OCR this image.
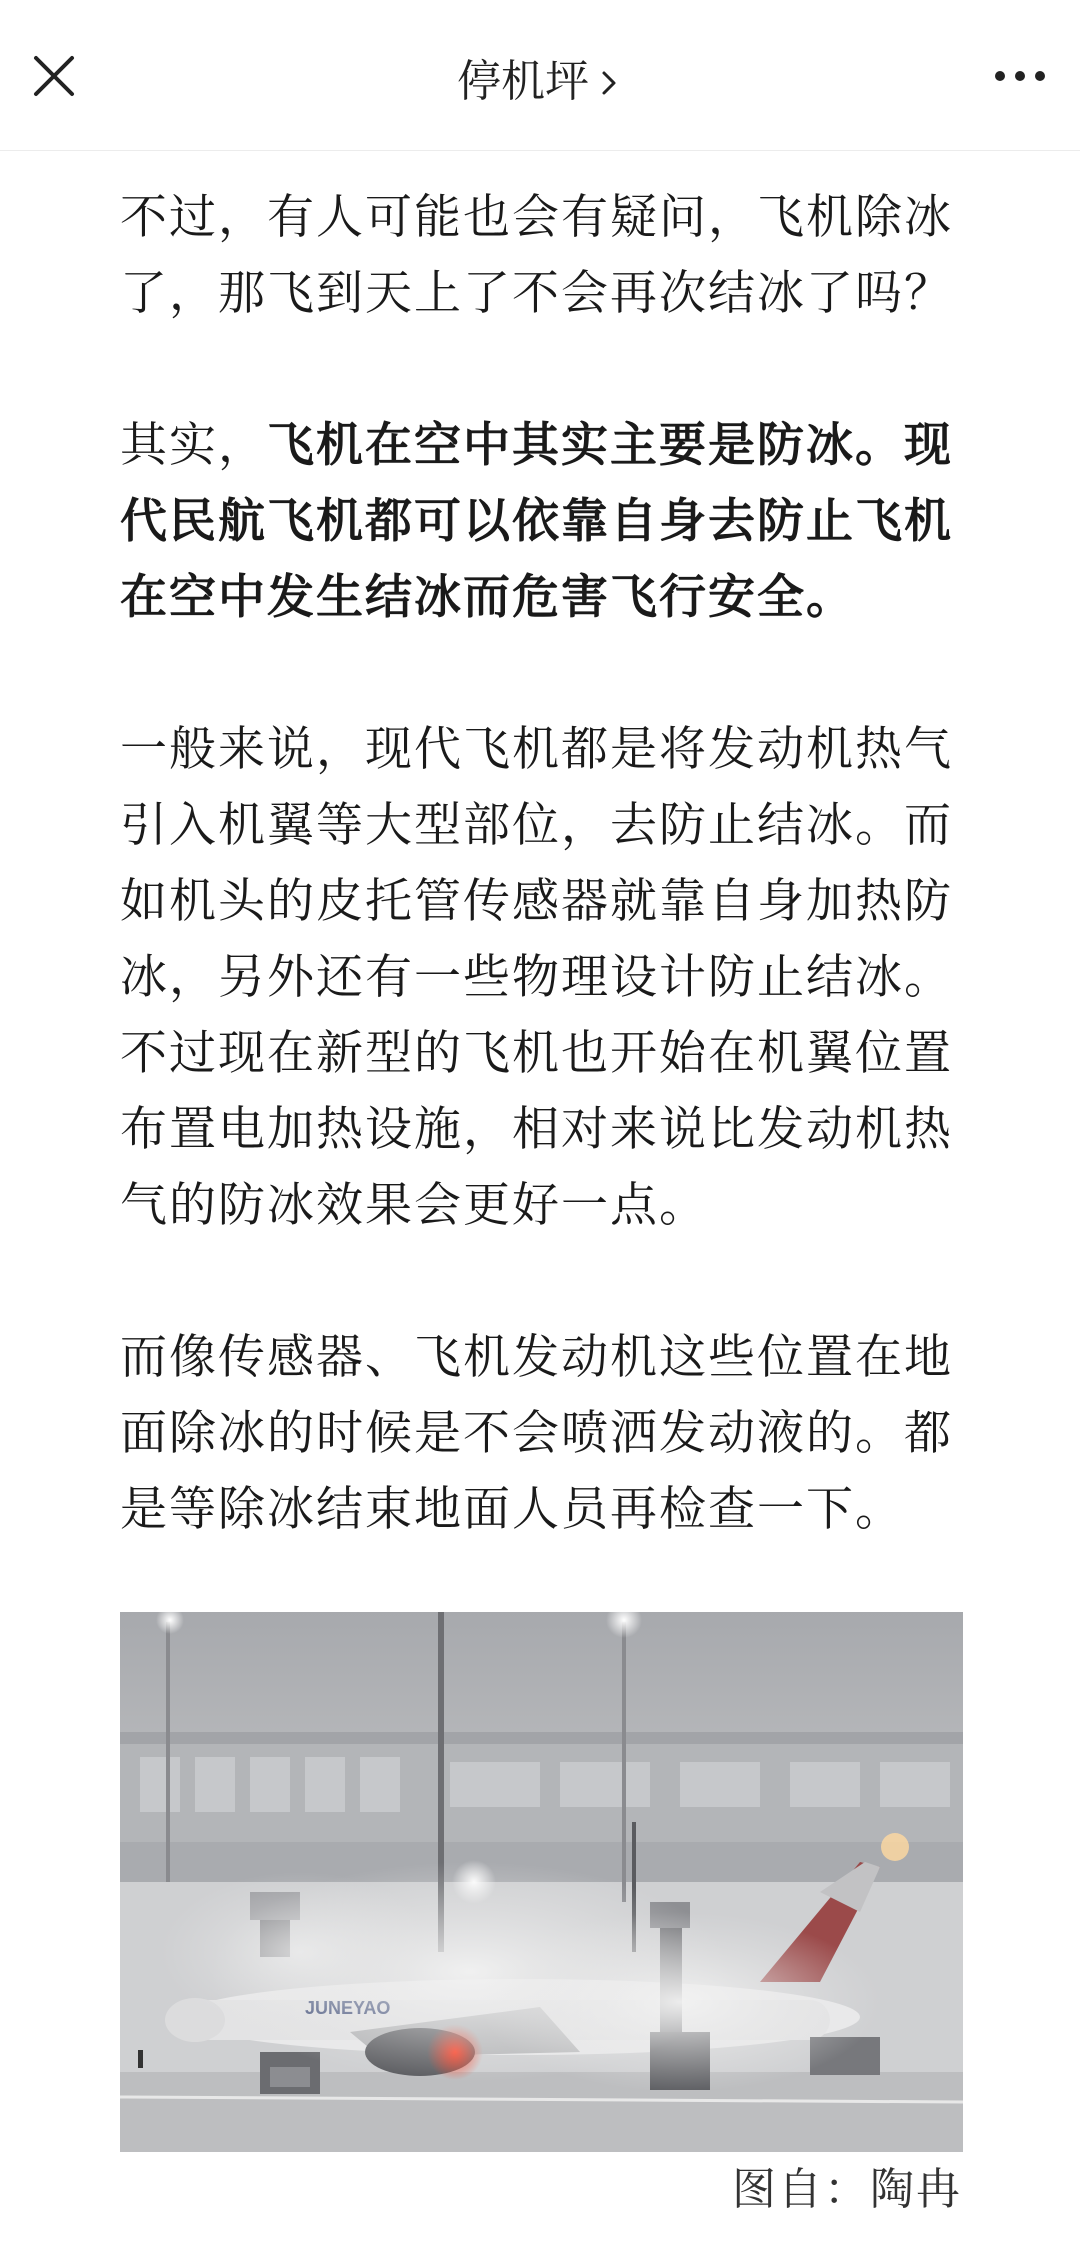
停机坪

不过，有人可能也会有疑问，飞机除冰了，那飞到天上了不会再次结冰了吗？

其实，飞机在空中其实主要是防冰。现代民航飞机都可以依靠自身去防止飞机在空中发生结冰而危害飞行安全。

一般来说，现代飞机都是将发动机热气引入机翼等大型部位，去防止结冰。而如机头的皮托管传感器就靠自身加热防冰，另外还有一些物理设计防止结冰。不过现在新型的飞机也开始在机翼位置布置电加热设施，相对来说比发动机热气的防冰效果会更好一点。

而像传感器、飞机发动机这些位置在地面除冰的时候是不会喷洒发动液的。都是等除冰结束地面人员再检查一下。

图自：陶冉
